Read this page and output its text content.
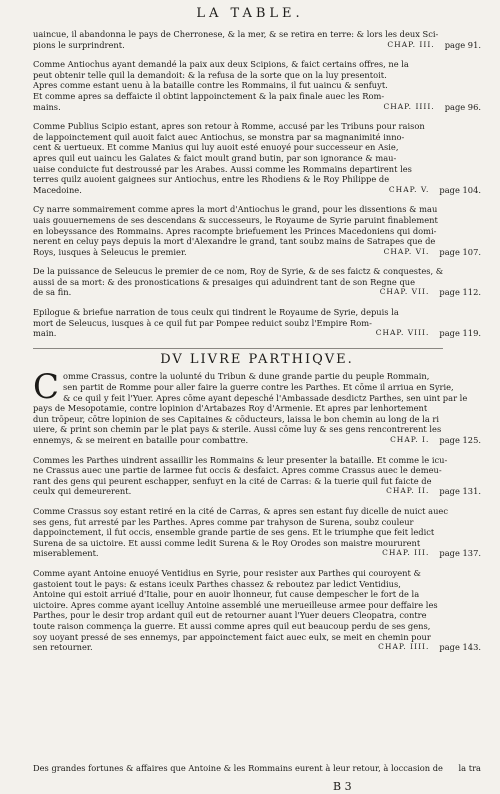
LA TABLE.
uaincue, il abandonna le pays de Cherronese, & la mer, & se retira en terre: & lors les deux Sci-
pions le surprindrent.	CHAP. III. page 91.
Comme Antiochus ayant demandé la paix aux deux Scipions, & faict certains offres, ne la
peut obtenir telle quil la demandoit: & la refusa de la sorte que on la luy presentoit.
Apres comme estant uenu à la bataille contre les Rommains, il fut uaincu & senfuyt.
Et comme apres sa deffaicte il obtint lappoinctement & la paix finale auec les Rom-
mains.	CHAP. IIII. page 96.
Comme Publius Scipio estant, apres son retour à Romme, accusé par les Tribuns pour raison
de lappoinctement quil auoit faict auec Antiochus, se monstra par sa magnanimité inno-
cent & uertueux. Et comme Manius qui luy auoit esté enuoyé pour successeur en Asie,
apres quil eut uaincu les Galates & faict moult grand butin, par son ignorance & mau-
uaise conduicte fut destroussé par les Arabes. Aussi comme les Rommains departirent les
terres quilz auoient gaignees sur Antiochus, entre les Rhodiens & le Roy Philippe de
Macedoine.	CHAP. V. page 104.
Cy narre sommairement comme apres la mort d'Antiochus le grand, pour les dissentions & mau
uais gouuernemens de ses descendans & successeurs, le Royaume de Syrie paruint finablement
en lobeyssance des Rommains. Apres racompte briefuement les Princes Macedoniens qui domi-
nerent en celuy pays depuis la mort d'Alexandre le grand, tant soubz mains de Satrapes que de
Roys, iusques à Seleucus le premier.	CHAP. VI. page 107.
De la puissance de Seleucus le premier de ce nom, Roy de Syrie, & de ses faictz & conquestes, &
aussi de sa mort: & des pronostications & presaiges qui aduindrent tant de son Regne que
de sa fin.	CHAP. VII. page 112.
Epilogue & briefue narration de tous ceulx qui tindrent le Royaume de Syrie, depuis la
mort de Seleucus, iusques à ce quil fut par Pompee reduict soubz l'Empire Rom-
main.	CHAP. VIII. page 119.
DV LIVRE PARTHIQVE.
C omme Crassus, contre la uolunté du Tribun & dune grande partie du peuple Rommain,
sen partit de Romme pour aller faire la guerre contre les Parthes. Et cōme il arriua en Syrie,
& ce quil y feit l'Yuer. Apres cōme ayant depesché l'Ambassade desdictz Parthes, sen uint par le
pays de Mesopotamie, contre lopinion d'Artabazes Roy d'Armenie. Et apres par lenhortement
dun trōpeur, cōtre lopinion de ses Capitaines & cōducteurs, laissa le bon chemin au long de la ri
uiere, & print son chemin par le plat pays & sterile. Aussi cōme luy & ses gens rencontrerent les
ennemys, & se meirent en bataille pour combattre.	CHAP. I. page 125.
Commes les Parthes uindrent assaillir les Rommains & leur presenter la bataille. Et comme le icu-
ne Crassus auec une partie de larmee fut occis & desfaict. Apres comme Crassus auec le demeu-
rant des gens qui peurent eschapper, senfuyt en la cité de Carras: & la tuerie quil fut faicte de
ceulx qui demeurerent.	CHAP. II. page 131.
Comme Crassus soy estant retiré en la cité de Carras, & apres sen estant fuy dicelle de nuict auec
ses gens, fut arresté par les Parthes. Apres comme par trahyson de Surena, soubz couleur
dappoinctement, il fut occis, ensemble grande partie de ses gens. Et le triumphe que feit ledict
Surena de sa uictoire. Et aussi comme ledit Surena & le Roy Orodes son maistre moururent
miserablement.	CHAP. III. page 137.
Comme ayant Antoine enuoyé Ventidius en Syrie, pour resister aux Parthes qui couroyent &
gastoient tout le pays: & estans iceulx Parthes chassez & reboutez par ledict Ventidius,
Antoine qui estoit arriué d'Italie, pour en auoir lhonneur, fut cause dempescher le fort de la
uictoire. Apres comme ayant icelluy Antoine assemblé une merueilleuse armee pour deffaire les
Parthes, pour le desir trop ardant quil eut de retourner auant l'Yuer deuers Cleopatra, contre
toute raison commença la guerre. Et aussi comme apres quil eut beaucoup perdu de ses gens,
soy uoyant pressé de ses ennemys, par appoinctement faict auec eulx, se meit en chemin pour
sen retourner.	CHAP. IIII. page 143.
Des grandes fortunes & affaires que Antoine & les Rommains eurent à leur retour, à loccasion de la tra
B 3
